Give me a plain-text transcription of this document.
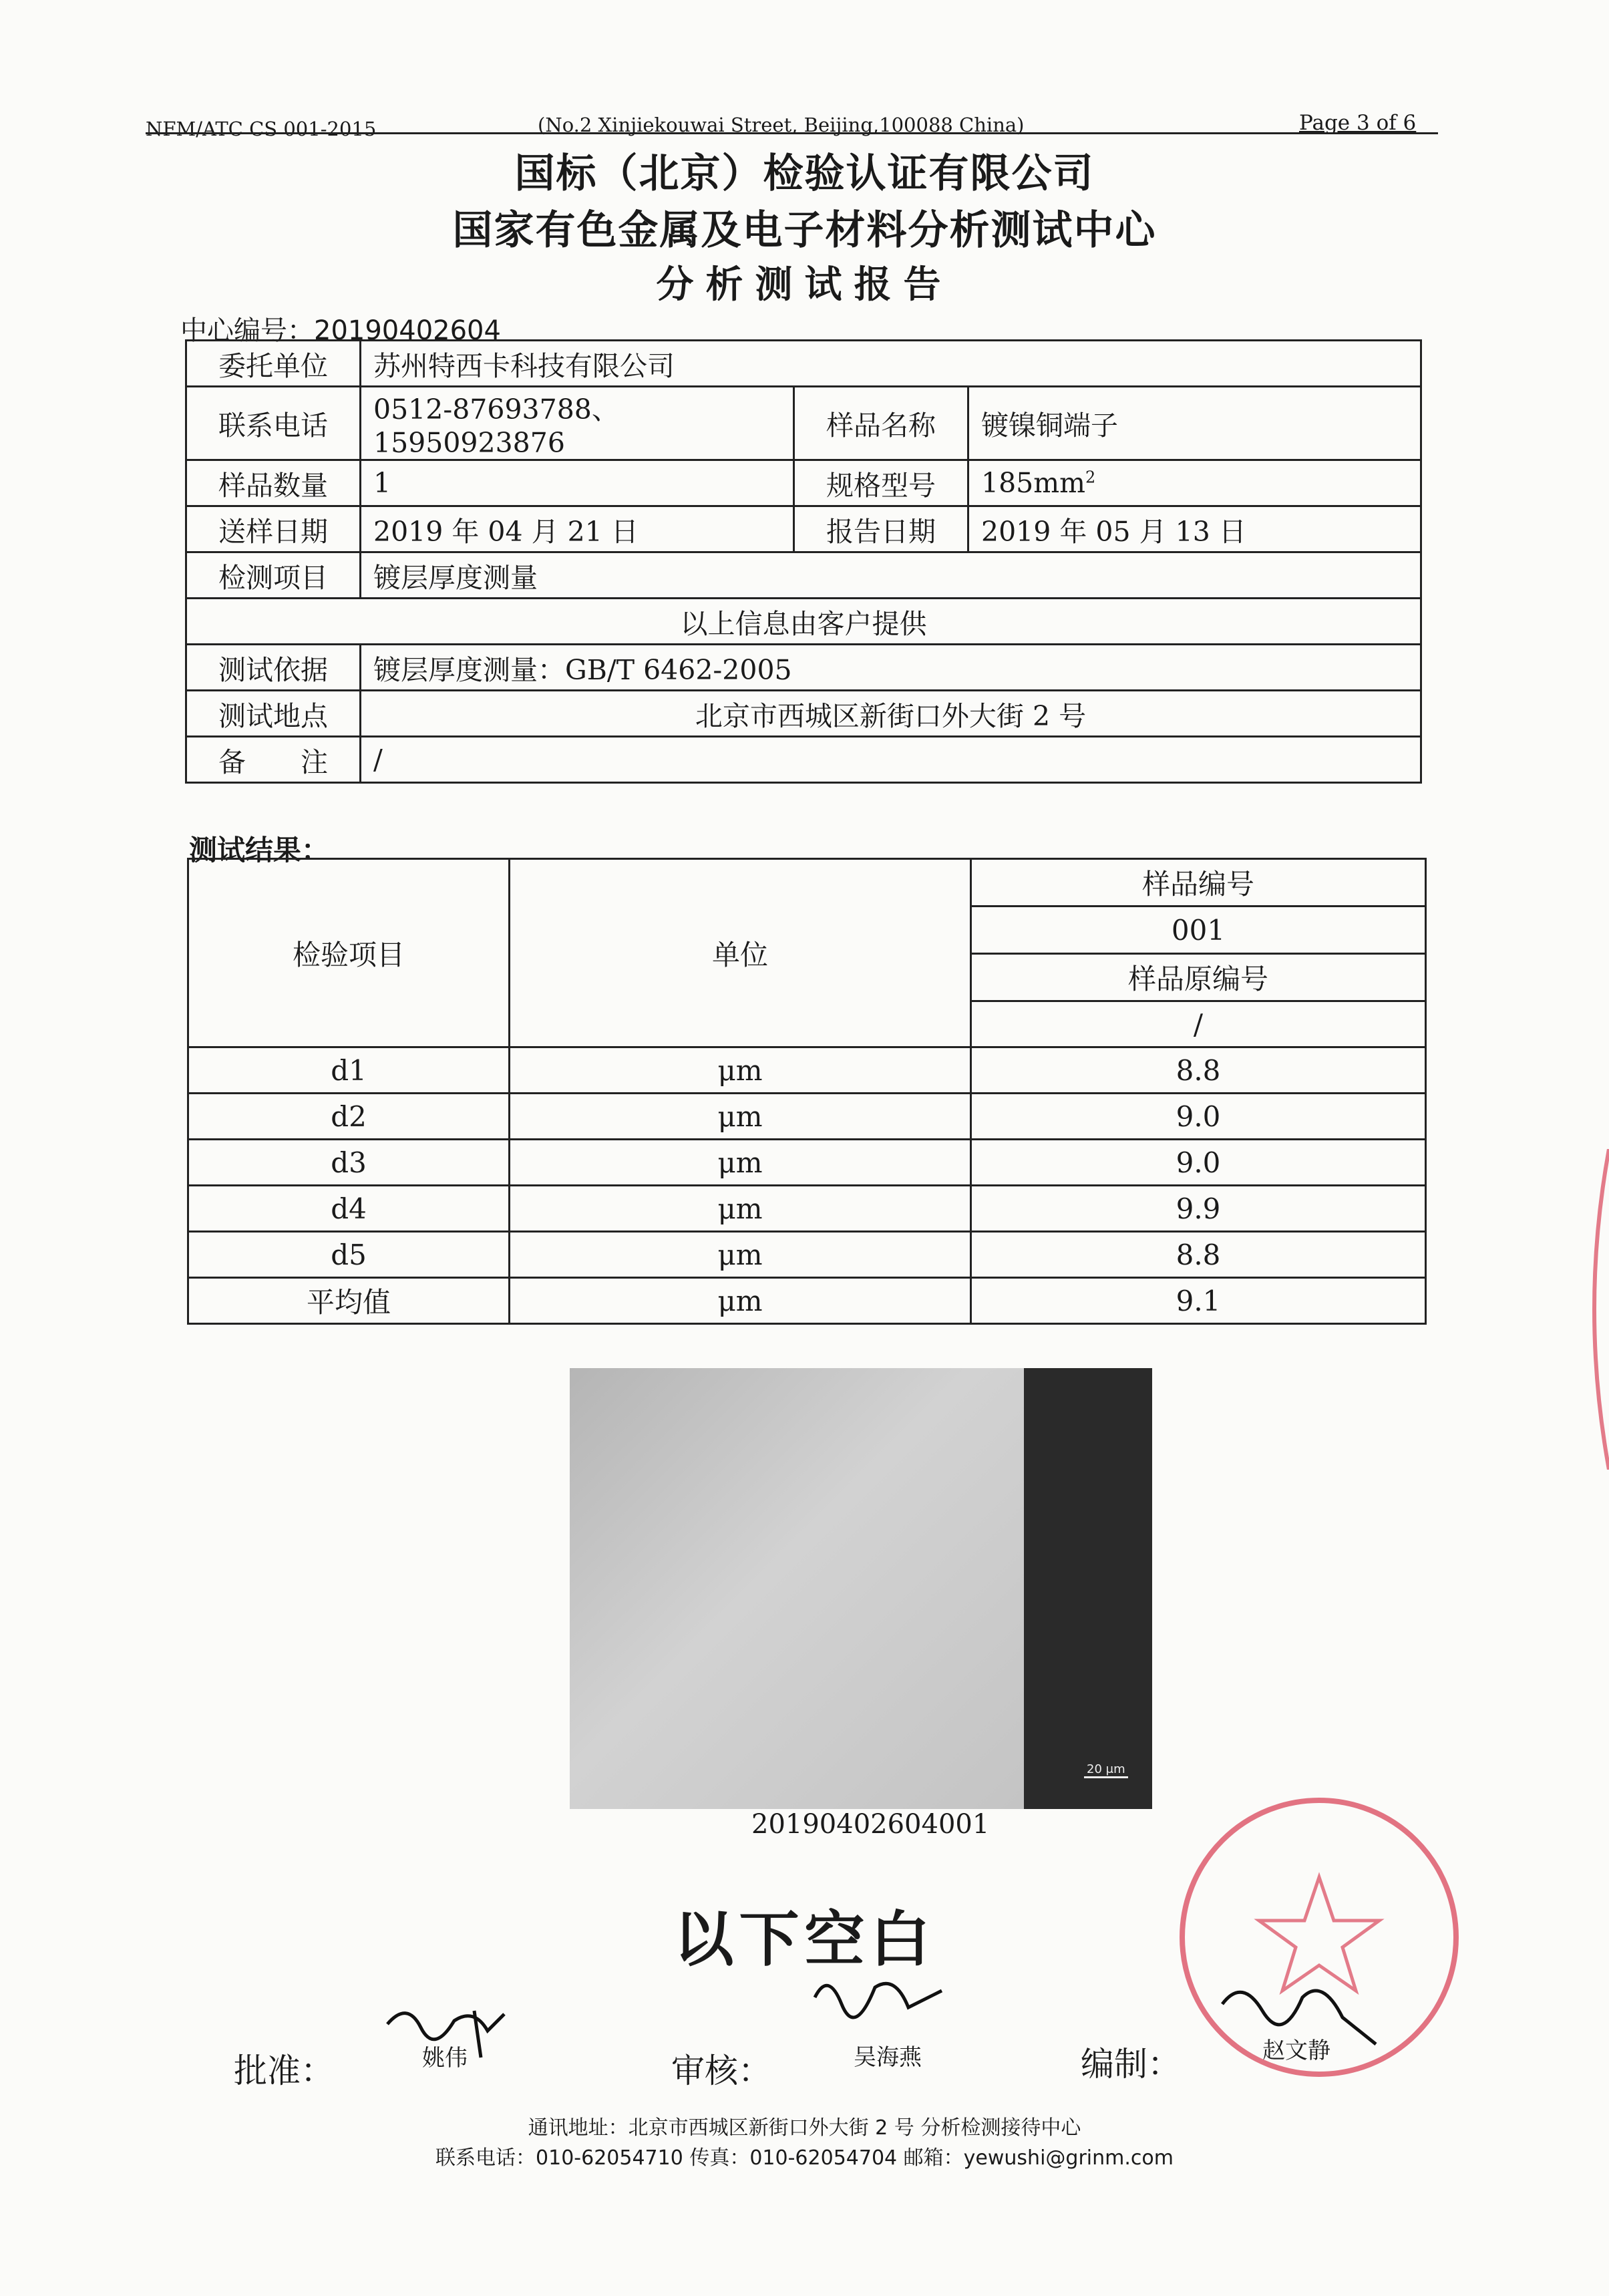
NFM/ATC CS 001-2015	(No.2 Xinjiekouwai Street, Beijing,100088 China)	Page 3 of 6
国标（北京）检验认证有限公司
国家有色金属及电子材料分析测试中心
分析测试报告
中心编号：20190402604
委托单位	苏州特西卡科技有限公司		
联系电话	0512-87693788、15950923876	样品名称	镀镍铜端子
样品数量	1	规格型号	$185mm^2$
送样日期	2019 年 04 月 21 日	报告日期	2019 年 05 月 13 日
检测项目	镀层厚度测量		
以上信息由客户提供			
测试依据	镀层厚度测量：GB/T 6462-2005		
测试地点	北京市西城区新街口外大街 2 号		
备　　注	/		
测试结果：
检验项目	单位	样品编号
		001
		样品原编号
		/
d1	μm	8.8
d2	μm	9.0
d3	μm	9.0
d4	μm	9.9
d5	μm	8.8
平均值	μm	9.1
20 μm
20190402604001
以下空白
批准：	姚伟	审核：	吴海燕	编制：	赵文静
通讯地址：北京市西城区新街口外大街 2 号 分析检测接待中心
联系电话：010-62054710 传真：010-62054704 邮箱：yewushi@grinm.com
